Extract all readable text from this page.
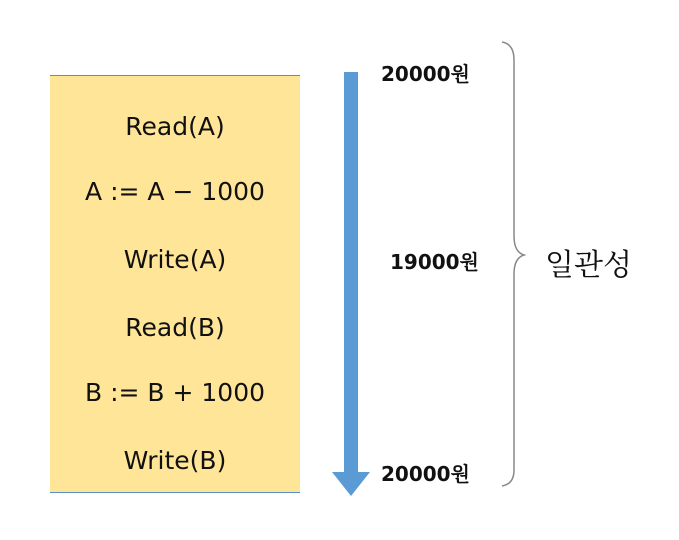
Read(A)
A := A − 1000
Write(A)
Read(B)
B := B + 1000
Write(B)
20000원
19000원
20000원
일관성
